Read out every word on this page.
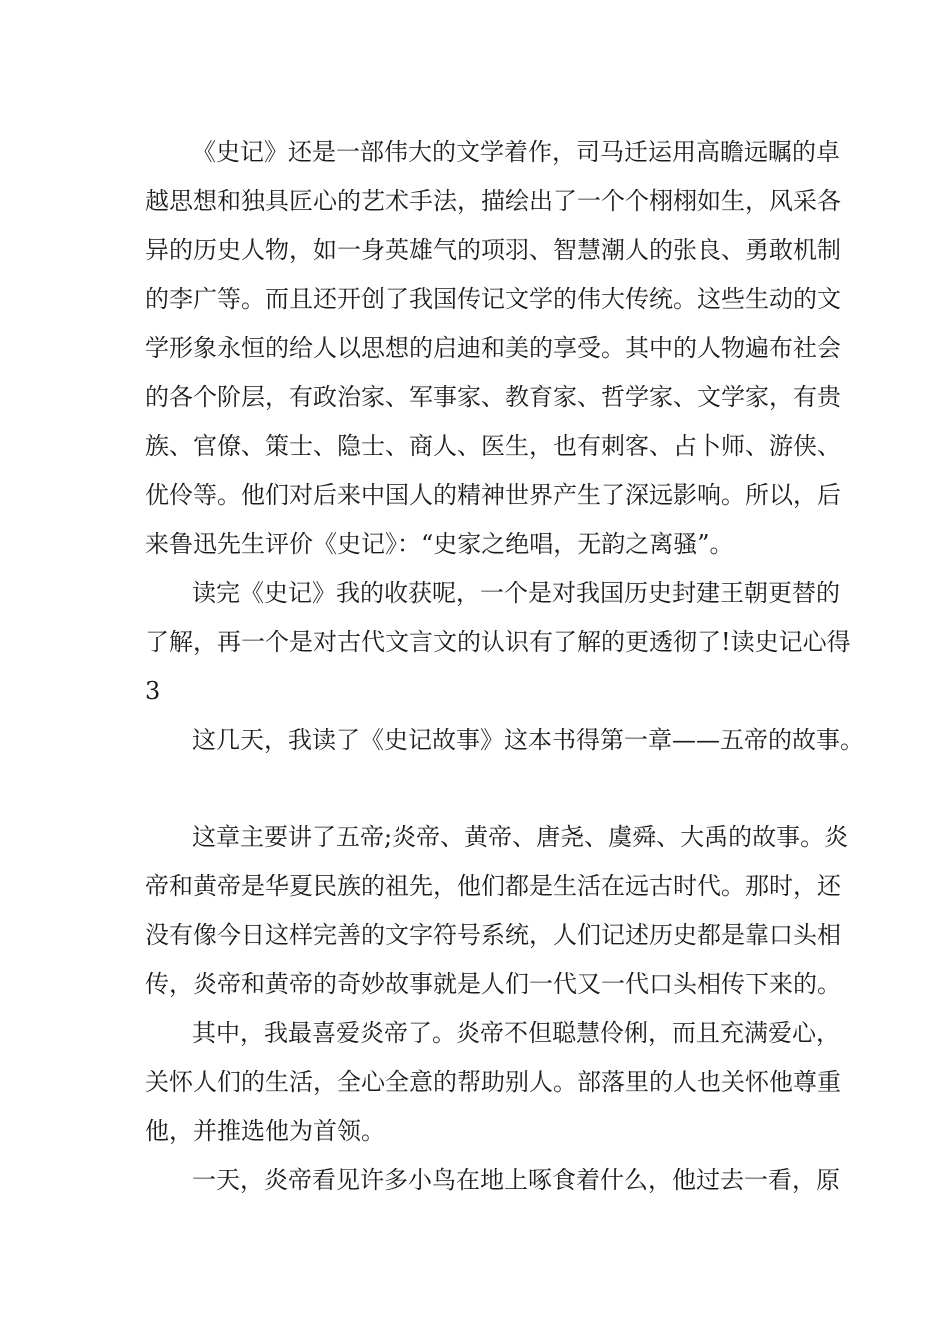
《史记》还是一部伟大的文学着作，司马迁运用高瞻远瞩的卓
越思想和独具匠心的艺术手法，描绘出了一个个栩栩如生，风采各
异的历史人物，如一身英雄气的项羽、智慧潮人的张良、勇敢机制
的李广等。而且还开创了我国传记文学的伟大传统。这些生动的文
学形象永恒的给人以思想的启迪和美的享受。其中的人物遍布社会
的各个阶层，有政治家、军事家、教育家、哲学家、文学家，有贵
族、官僚、策士、隐士、商人、医生，也有刺客、占卜师、游侠、
优伶等。他们对后来中国人的精神世界产生了深远影响。所以，后
来鲁迅先生评价《史记》：“史家之绝唱，无韵之离骚”。
读完《史记》我的收获呢，一个是对我国历史封建王朝更替的
了解，再一个是对古代文言文的认识有了解的更透彻了!读史记心得
3
这几天，我读了《史记故事》这本书得第一章——五帝的故事。
这章主要讲了五帝;炎帝、黄帝、唐尧、虞舜、大禹的故事。炎
帝和黄帝是华夏民族的祖先，他们都是生活在远古时代。那时，还
没有像今日这样完善的文字符号系统，人们记述历史都是靠口头相
传，炎帝和黄帝的奇妙故事就是人们一代又一代口头相传下来的。
其中，我最喜爱炎帝了。炎帝不但聪慧伶俐，而且充满爱心，
关怀人们的生活，全心全意的帮助别人。部落里的人也关怀他尊重
他，并推选他为首领。
一天，炎帝看见许多小鸟在地上啄食着什么，他过去一看，原
